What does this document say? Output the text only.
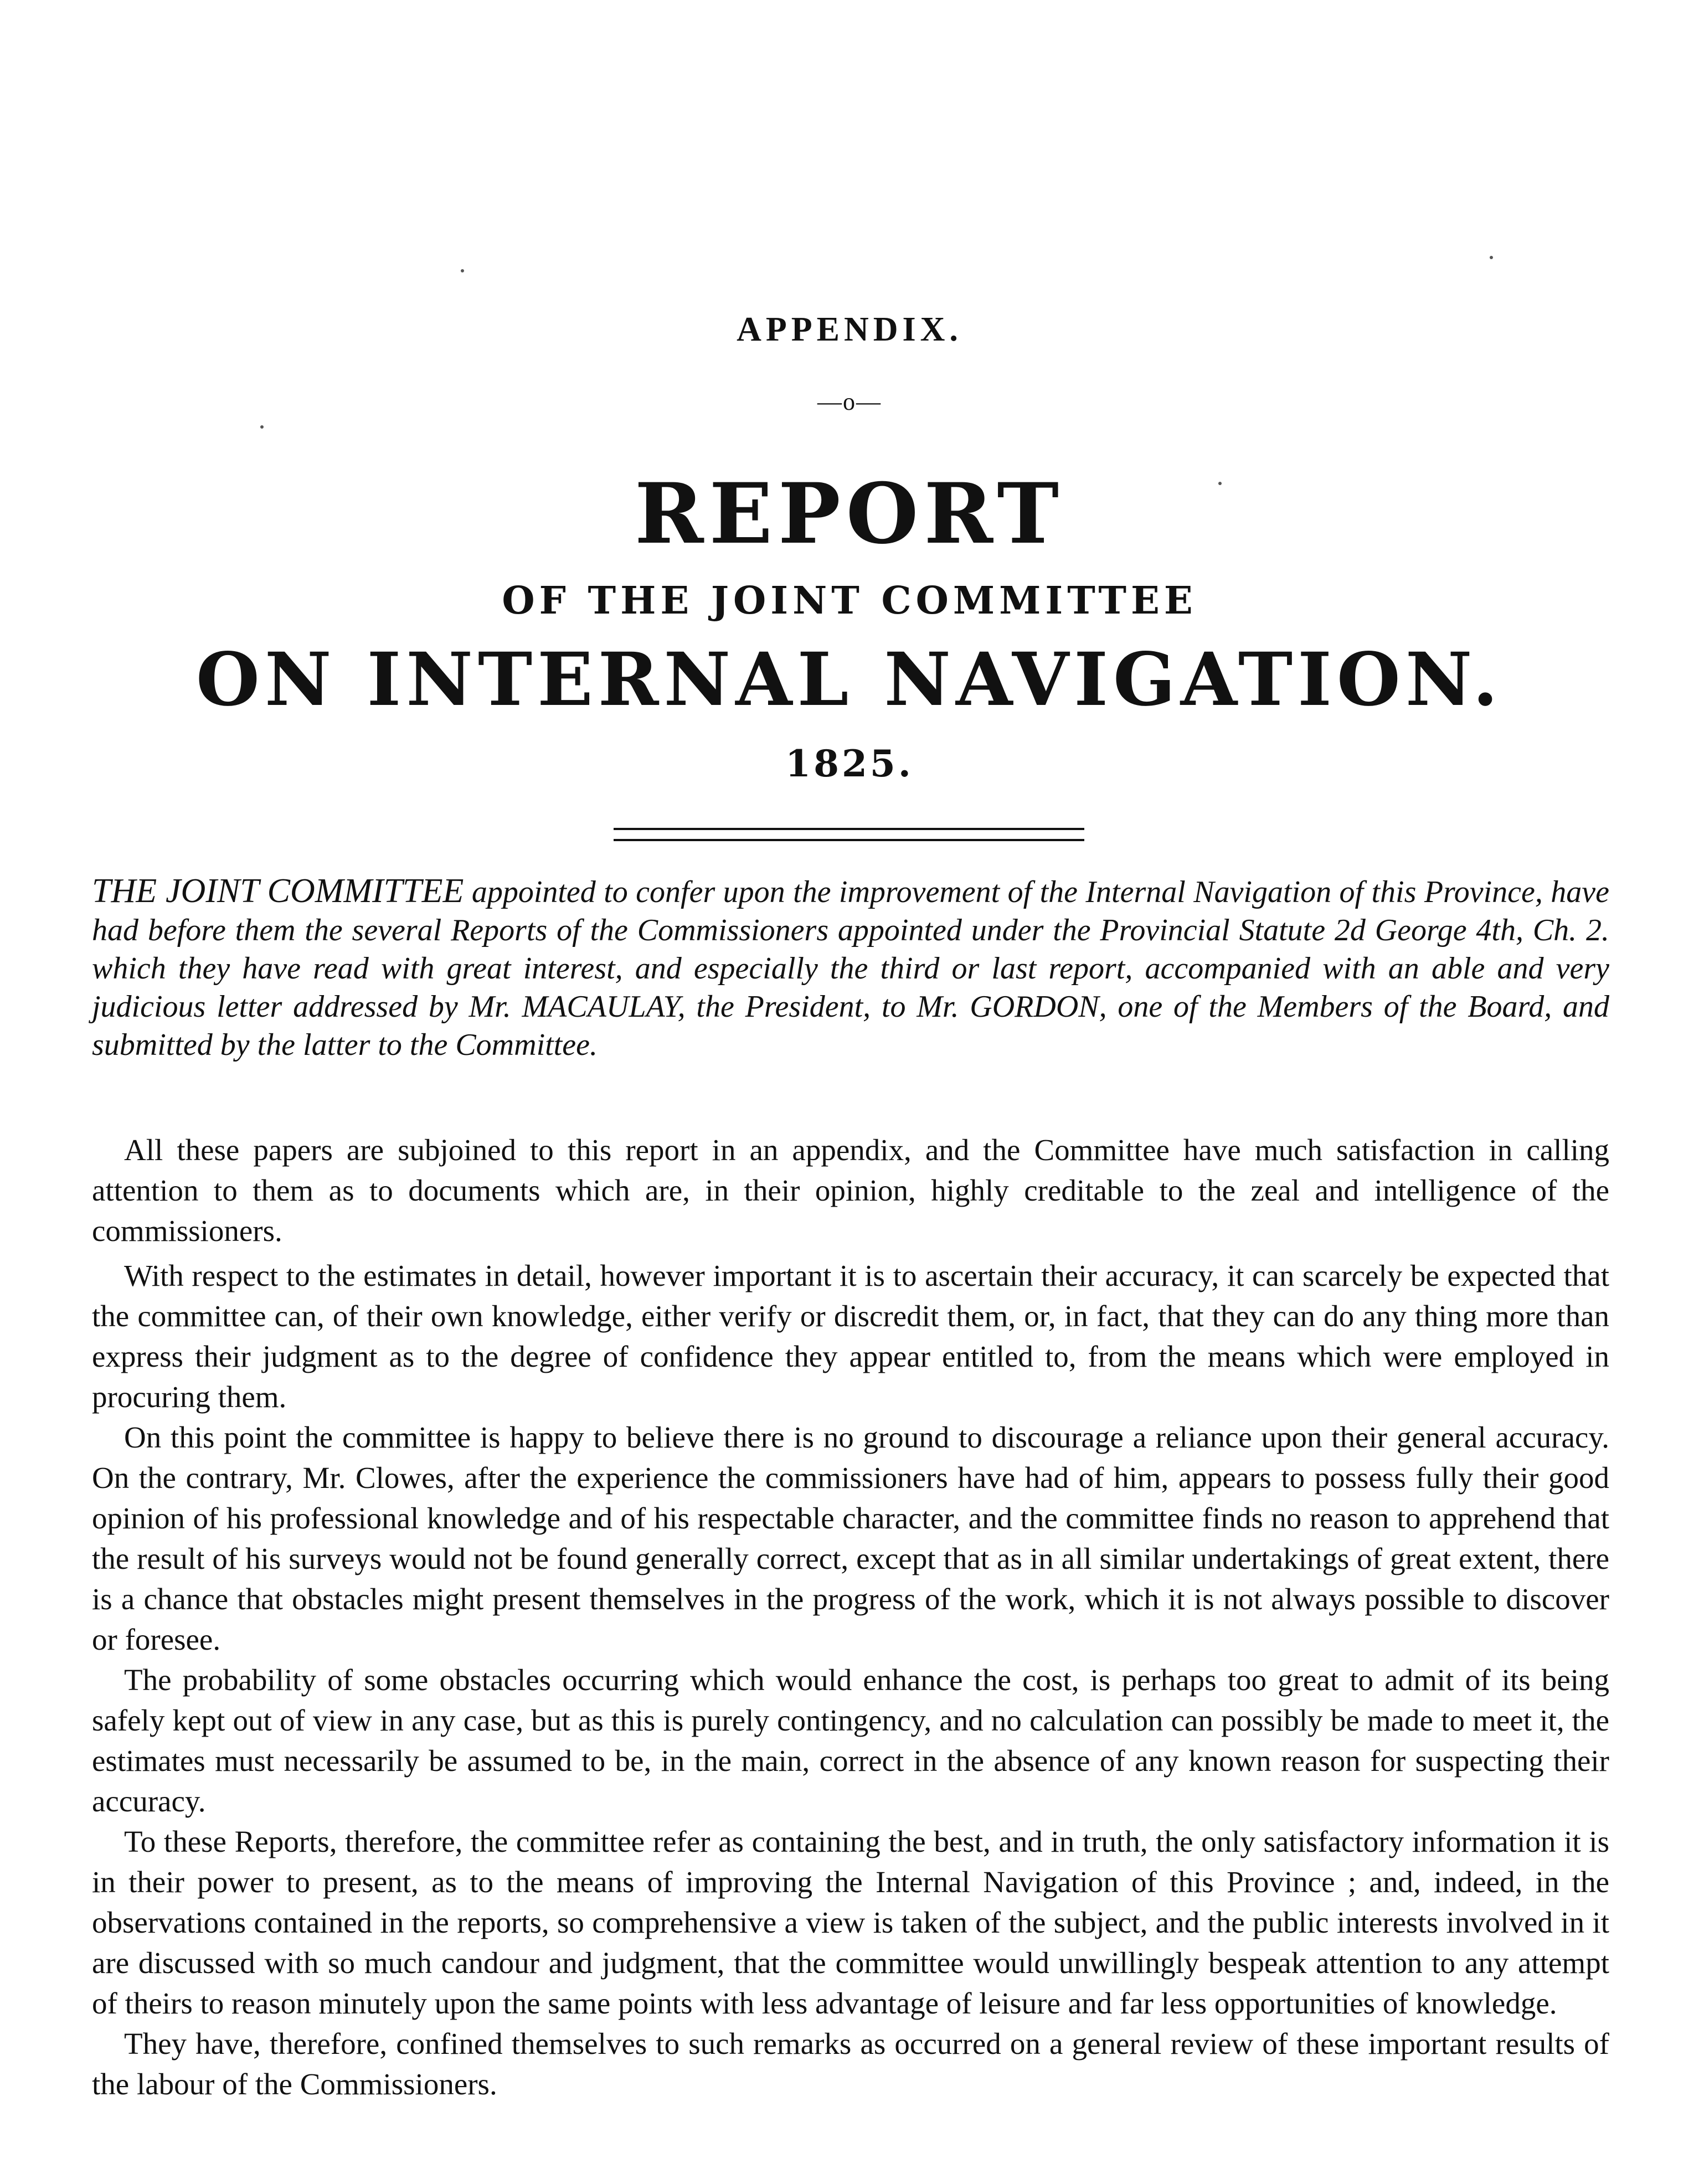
APPENDIX.
—o—
REPORT
OF THE JOINT COMMITTEE
ON INTERNAL NAVIGATION.
1825.
THE JOINT COMMITTEE appointed to confer upon the improvement of the Internal Navigation of this Province, have had before them the several Reports of the Commissioners appointed under the Provincial Statute 2d George 4th, Ch. 2. which they have read with great interest, and especially the third or last report, accompanied with an able and very judicious letter addressed by Mr. MACAULAY, the President, to Mr. GORDON, one of the Members of the Board, and submitted by the latter to the Committee.

All these papers are subjoined to this report in an appendix, and the Committee have much satisfaction in calling attention to them as to documents which are, in their opinion, highly creditable to the zeal and intelligence of the commissioners.

With respect to the estimates in detail, however important it is to ascertain their accuracy, it can scarcely be expected that the committee can, of their own knowledge, either verify or discredit them, or, in fact, that they can do any thing more than express their judgment as to the degree of confidence they appear entitled to, from the means which were employed in procuring them.

On this point the committee is happy to believe there is no ground to discourage a reliance upon their general accuracy. On the contrary, Mr. Clowes, after the experience the commissioners have had of him, appears to possess fully their good opinion of his professional knowledge and of his respectable character, and the committee finds no reason to apprehend that the result of his surveys would not be found generally correct, except that as in all similar undertakings of great extent, there is a chance that obstacles might present themselves in the progress of the work, which it is not always possible to discover or foresee.

The probability of some obstacles occurring which would enhance the cost, is perhaps too great to admit of its being safely kept out of view in any case, but as this is purely contingency, and no calculation can possibly be made to meet it, the estimates must necessarily be assumed to be, in the main, correct in the absence of any known reason for suspecting their accuracy.

To these Reports, therefore, the committee refer as containing the best, and in truth, the only satisfactory information it is in their power to present, as to the means of improving the Internal Navigation of this Province ; and, indeed, in the observations contained in the reports, so comprehensive a view is taken of the subject, and the public interests involved in it are discussed with so much candour and judgment, that the committee would unwillingly bespeak attention to any attempt of theirs to reason minutely upon the same points with less advantage of leisure and far less opportunities of knowledge.

They have, therefore, confined themselves to such remarks as occurred on a general review of these important results of the labour of the Commissioners.
